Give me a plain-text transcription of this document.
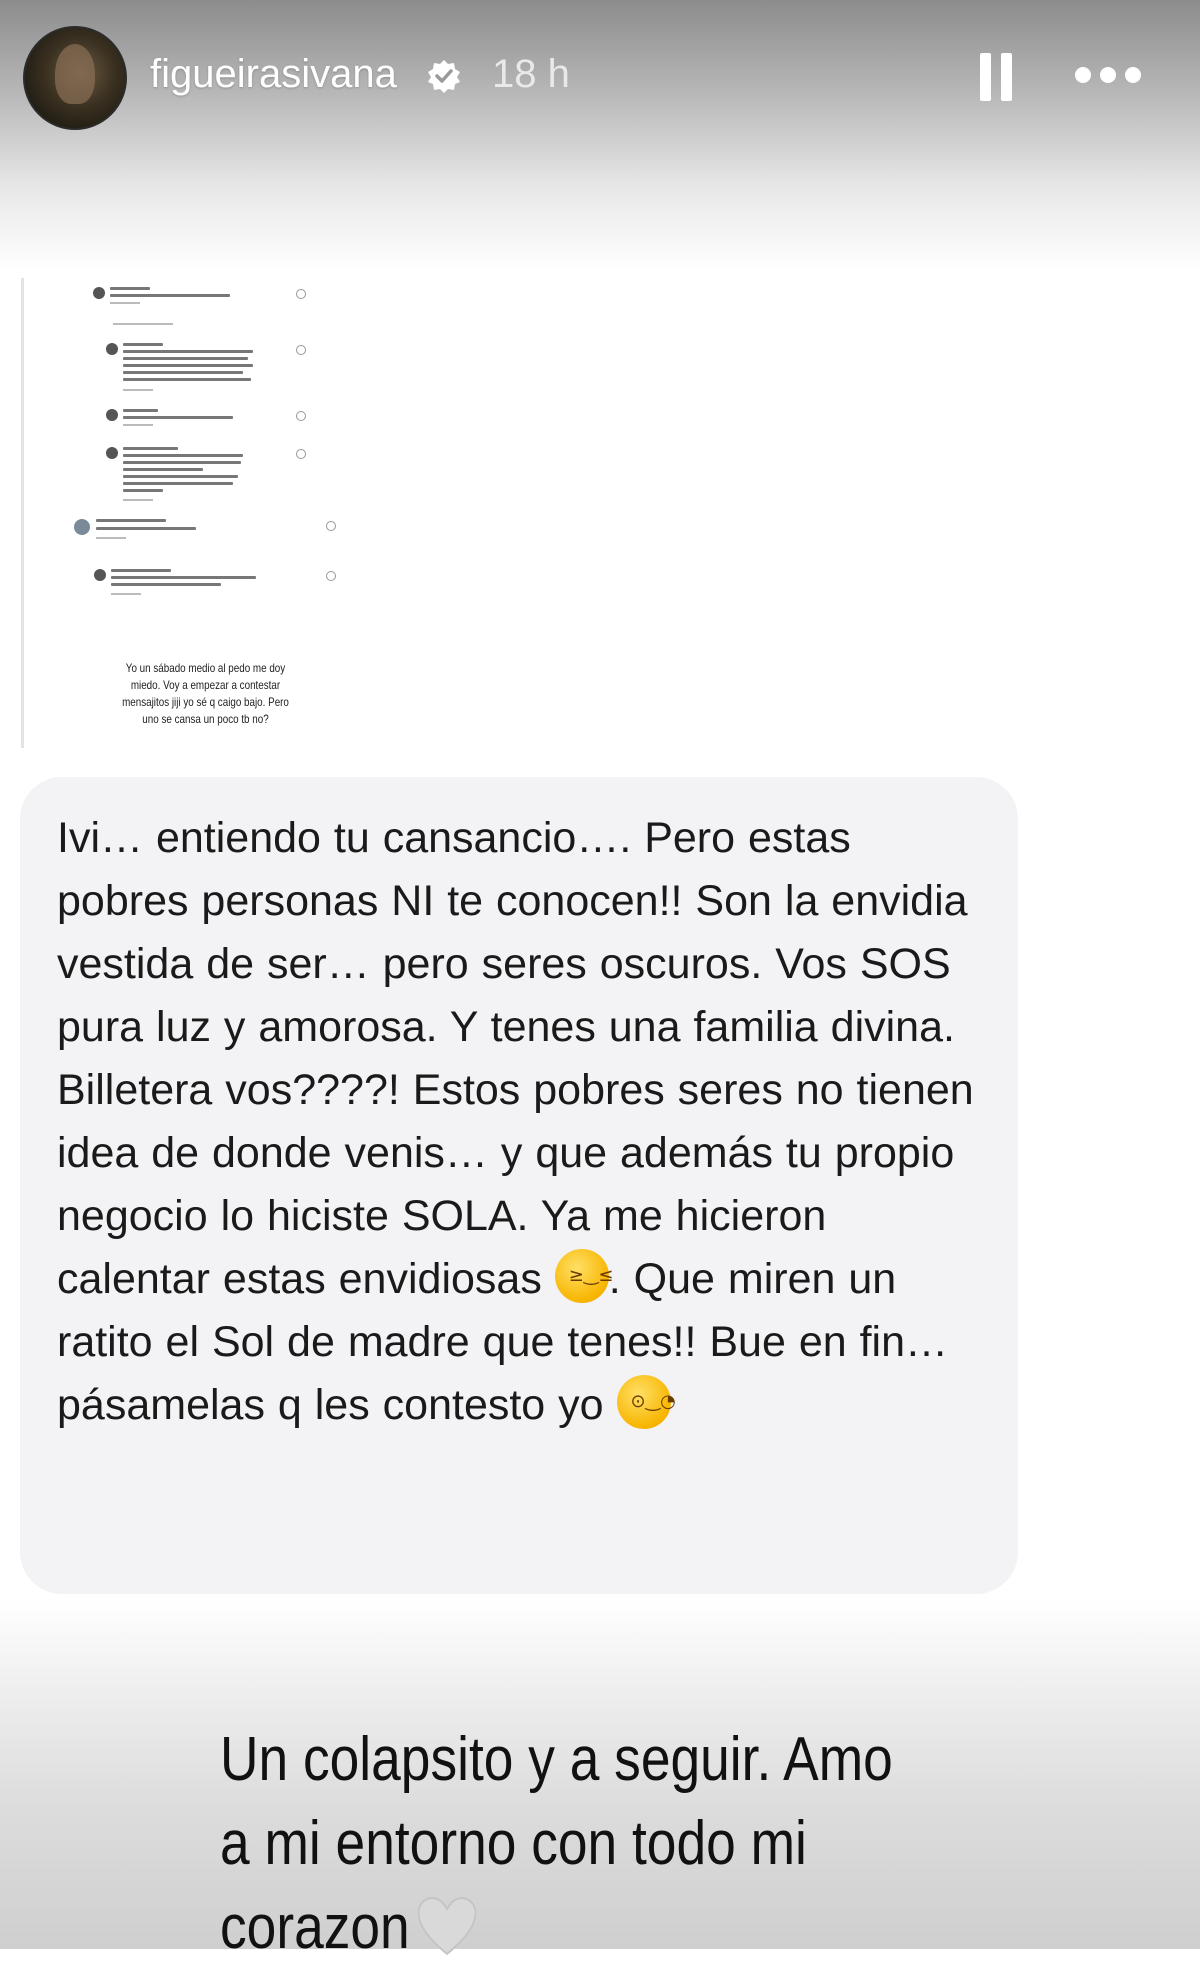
figueirasivana 18 h
Yo un sábado medio al pedo me doy miedo. Voy a empezar a contestar mensajitos jiji yo sé q caigo bajo. Pero uno se cansa un poco tb no?

Ivi… entiendo tu cansancio…. Pero estas pobres personas NI te conocen!! Son la envidia vestida de ser… pero seres oscuros. Vos SOS pura luz y amorosa. Y tenes una familia divina. Billetera vos????! Estos pobres seres no tienen idea de donde venis… y que además tu propio negocio lo hiciste SOLA. Ya me hicieron calentar estas envidiosas ≥‿≤
. Que miren un ratito el Sol de madre que tenes!! Bue en fin… pásamelas q les contesto yo ⊙‿◔

Un colapsito y a seguir. Amo a mi entorno con todo mi corazon
